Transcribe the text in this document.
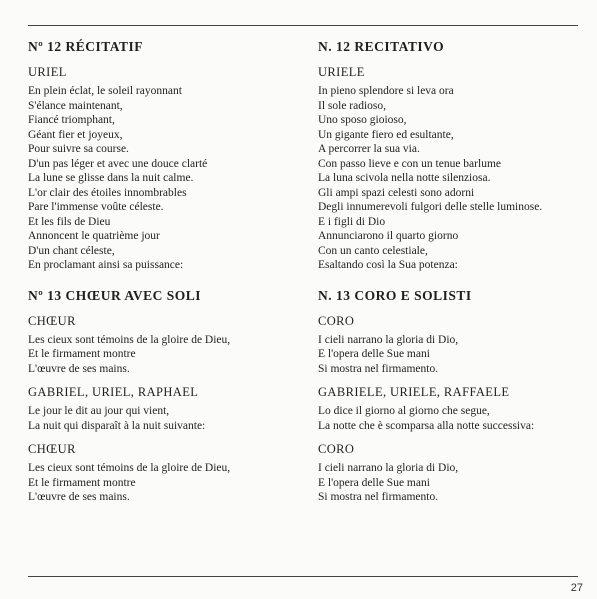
Nº 12 RÉCITATIF
URIEL
En plein éclat, le soleil rayonnant
S'élance maintenant,
Fiancé triomphant,
Géant fier et joyeux,
Pour suivre sa course.
D'un pas léger et avec une douce clarté
La lune se glisse dans la nuit calme.
L'or clair des étoiles innombrables
Pare l'immense voûte céleste.
Et les fils de Dieu
Annoncent le quatrième jour
D'un chant céleste,
En proclamant ainsi sa puissance:
Nº 13 CHŒUR AVEC SOLI
CHŒUR
Les cieux sont témoins de la gloire de Dieu,
Et le firmament montre
L'œuvre de ses mains.
GABRIEL, URIEL, RAPHAEL
Le jour le dit au jour qui vient,
La nuit qui disparaît à la nuit suivante:
CHŒUR
Les cieux sont témoins de la gloire de Dieu,
Et le firmament montre
L'œuvre de ses mains.
N. 12 RECITATIVO
URIELE
In pieno splendore si leva ora
Il sole radioso,
Uno sposo gioioso,
Un gigante fiero ed esultante,
A percorrer la sua via.
Con passo lieve e con un tenue barlume
La luna scivola nella notte silenziosa.
Gli ampi spazi celesti sono adorni
Degli innumerevoli fulgori delle stelle luminose.
E i figli di Dio
Annunciarono il quarto giorno
Con un canto celestiale,
Esaltando così la Sua potenza:
N. 13 CORO E SOLISTI
CORO
I cieli narrano la gloria di Dio,
E l'opera delle Sue mani
Si mostra nel firmamento.
GABRIELE, URIELE, RAFFAELE
Lo dice il giorno al giorno che segue,
La notte che è scomparsa alla notte successiva:
CORO
I cieli narrano la gloria di Dio,
E l'opera delle Sue mani
Si mostra nel firmamento.
27
